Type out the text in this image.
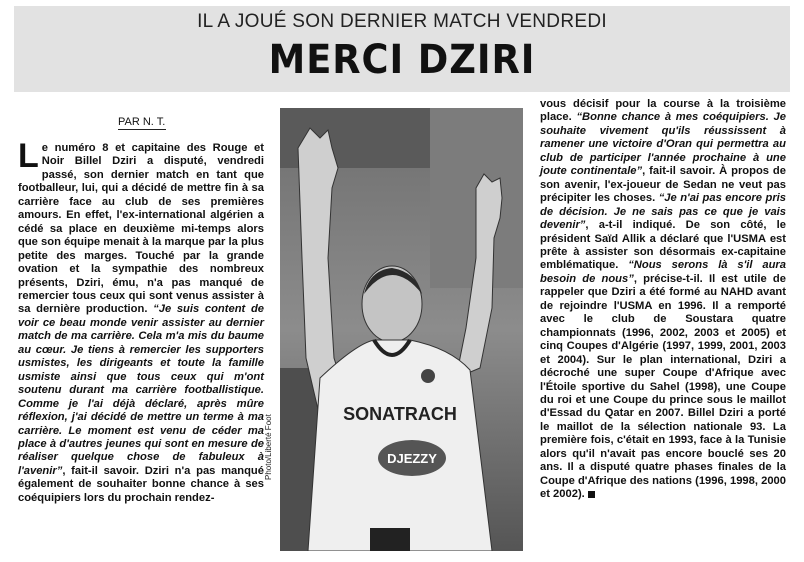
IL A JOUÉ SON DERNIER MATCH VENDREDI
MERCI DZIRI
PAR N. T.
Le numéro 8 et capitaine des Rouge et Noir Billel Dziri a disputé, vendredi passé, son dernier match en tant que footballeur, lui, qui a décidé de mettre fin à sa carrière face au club de ses premières amours. En effet, l'ex-international algérien a cédé sa place en deuxième mi-temps alors que son équipe menait à la marque par la plus petite des marges. Touché par la grande ovation et la sympathie des nombreux présents, Dziri, ému, n'a pas manqué de remercier tous ceux qui sont venus assister à sa dernière production. “Je suis content de voir ce beau monde venir assister au dernier match de ma carrière. Cela m'a mis du baume au cœur. Je tiens à remercier les supporters usmistes, les dirigeants et toute la famille usmiste ainsi que tous ceux qui m'ont soutenu durant ma carrière footballistique. Comme je l'ai déjà déclaré, après mûre réflexion, j'ai décidé de mettre un terme à ma carrière. Le moment est venu de céder ma place à d'autres jeunes qui sont en mesure de réaliser quelque chose de fabuleux à l'avenir”, fait-il savoir. Dziri n'a pas manqué également de souhaiter bonne chance à ses coéquipiers lors du prochain rendez-
SONATRACH
DJEZZY
Photo/Liberté Foot
vous décisif pour la course à la troisième place. “Bonne chance à mes coéquipiers. Je souhaite vivement qu'ils réussissent à ramener une victoire d'Oran qui permettra au club de participer l'année prochaine à une joute continentale”, fait-il savoir. À propos de son avenir, l'ex-joueur de Sedan ne veut pas précipiter les choses. “Je n'ai pas encore pris de décision. Je ne sais pas ce que je vais devenir”, a-t-il indiqué. De son côté, le président Saïd Allik a déclaré que l'USMA est prête à assister son désormais ex-capitaine emblématique. “Nous serons là s'il aura besoin de nous”, précise-t-il. Il est utile de rappeler que Dziri a été formé au NAHD avant de rejoindre l'USMA en 1996. Il a remporté avec le club de Soustara quatre championnats (1996, 2002, 2003 et 2005) et cinq Coupes d'Algérie (1997, 1999, 2001, 2003 et 2004). Sur le plan international, Dziri a décroché une super Coupe d'Afrique avec l'Étoile sportive du Sahel (1998), une Coupe du roi et une Coupe du prince sous le maillot d'Essad du Qatar en 2007. Billel Dziri a porté le maillot de la sélection nationale 93. La première fois, c'était en 1993, face à la Tunisie alors qu'il n'avait pas encore bouclé ses 20 ans. Il a disputé quatre phases finales de la Coupe d'Afrique des nations (1996, 1998, 2000 et 2002).
